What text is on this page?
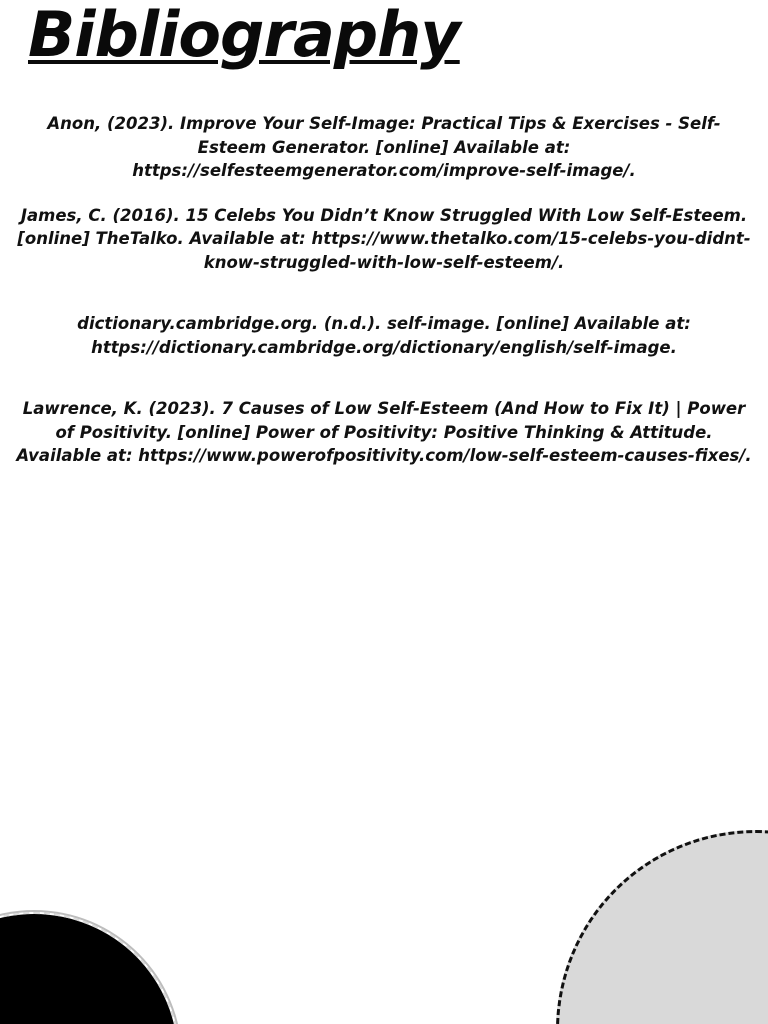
Bibliography

Anon, (2023). Improve Your Self-Image: Practical Tips & Exercises - Self-Esteem Generator. [online] Available at: https://selfesteemgenerator.com/improve-self-image/.

James, C. (2016). 15 Celebs You Didn’t Know Struggled With Low Self-Esteem. [online] TheTalko. Available at: https://www.thetalko.com/15-celebs-you-didnt-know-struggled-with-low-self-esteem/.

dictionary.cambridge.org. (n.d.). self-image. [online] Available at: https://dictionary.cambridge.org/dictionary/english/self-image.

Lawrence, K. (2023). 7 Causes of Low Self-Esteem (And How to Fix It) | Power of Positivity. [online] Power of Positivity: Positive Thinking & Attitude. Available at: https://www.powerofpositivity.com/low-self-esteem-causes-fixes/.
